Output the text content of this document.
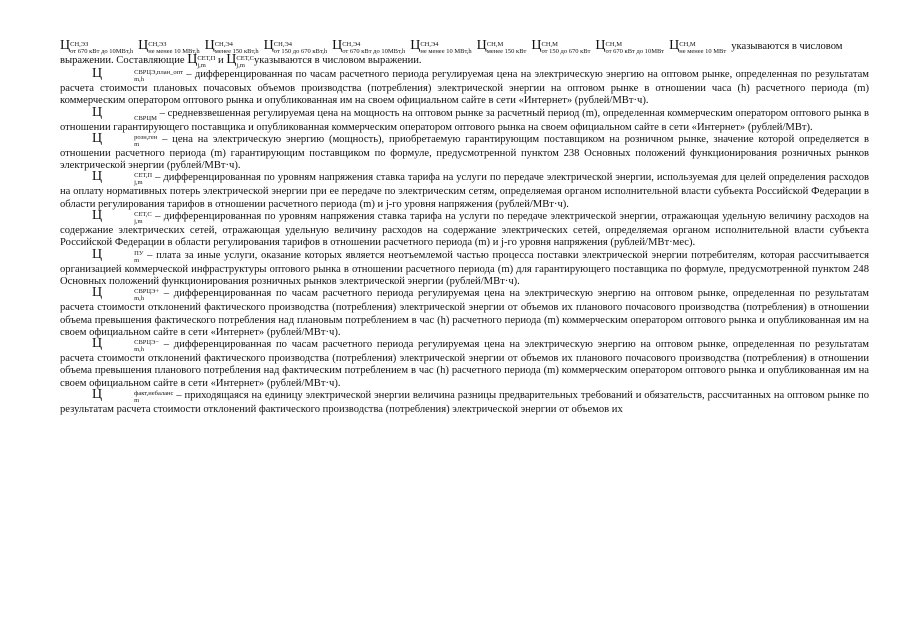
Ц СН,ЭЗ
от 670 кВт до 10МВт,h Ц СН,ЭЗ
не менее 10 МВт,h Ц СН,Э4
менее 150 кВт,h Ц СН,Э4
от 150 до 670 кВт,h Ц СН,Э4
от 670 кВт до 10МВт,h Ц СН,Э4
не менее 10 МВт,h Ц СН,М
менее 150 кВт Ц СН,М
от 150 до 670 кВт Ц СН,М
от 670 кВт до 10МВт Ц СН,М
не менее 10 МВт указываются в числовом выражении. Составляющие Ц СЕТ,П
j,m	и Ц СЕТ,С
j,m указываются в числовом выражении.

Ц	СВРЦЭ,план_опт
m,h	– дифференцированная по часам расчетного периода регулируемая цена на электрическую энергию на оптовом рынке, определенная по результатам расчета стоимости плановых почасовых объемов производства (потребления) электрической энергии на оптовом рынке в отношении часа (h) расчетного периода (m) коммерческим оператором оптового рынка и опубликованная им на своем официальном сайте в сети «Интернет» (рублей/МВт·ч).

Ц	СВРЦМ – средневзвешенная регулируемая цена на мощность на оптовом рынке за расчетный период (m), определенная коммерческим оператором оптового рынка в отношении гарантирующего поставщика и опубликованная коммерческим оператором оптового рынка на своем официальном сайте в сети «Интернет» (рублей/МВт).

Ц	розн,ген
m	– цена на электрическую энергию (мощность), приобретаемую гарантирующим поставщиком на розничном рынке, значение которой определяется в отношении расчетного периода (m) гарантирующим поставщиком по формуле, предусмотренной пунктом 238 Основных положений функционирования розничных рынков электрической энергии (рублей/МВт·ч).

Ц	СЕТ,П
j,m	– дифференцированная по уровням напряжения ставка тарифа на услуги по передаче электрической энергии, используемая для целей определения расходов на оплату нормативных потерь электрической энергии при ее передаче по электрическим сетям, определяемая органом исполнительной власти субъекта Российской Федерации в области регулирования тарифов в отношении расчетного периода (m) и j-го уровня напряжения (рублей/МВт·ч).

Ц	СЕТ,С
j,m	– дифференцированная по уровням напряжения ставка тарифа на услуги по передаче электрической энергии, отражающая удельную величину расходов на содержание электрических сетей, отражающая удельную величину расходов на содержание электрических сетей, определяемая органом исполнительной власти субъекта Российской Федерации в области регулирования тарифов в отношении расчетного периода (m) и j-го уровня напряжения (рублей/МВт·мес).

Ц	ПУ
m – плата за иные услуги, оказание которых является неотъемлемой частью процесса поставки электрической энергии потребителям, которая рассчитывается организацией коммерческой инфраструктуры оптового рынка в отношении расчетного периода (m) для гарантирующего поставщика по формуле, предусмотренной пунктом 248 Основных положений функционирования розничных рынков электрической энергии (рублей/МВт·ч).

Ц	СВРЦЭ+
m,h	– дифференцированная по часам расчетного периода регулируемая цена на электрическую энергию на оптовом рынке, определенная по результатам расчета стоимости отклонений фактического производства (потребления) электрической энергии от объемов их планового почасового производства (потребления) в отношении объема превышения фактического потребления над плановым потреблением в час (h) расчетного периода (m) коммерческим оператором оптового рынка и опубликованная им на своем официальном сайте в сети «Интернет» (рублей/МВт·ч).

Ц	СВРЦЭ−
m,h	– дифференцированная по часам расчетного периода регулируемая цена на электрическую энергию на оптовом рынке, определенная по результатам расчета стоимости отклонений фактического производства (потребления) электрической энергии от объемов их планового почасового производства (потребления) в отношении объема превышения планового потребления над фактическим потреблением в час (h) расчетного периода (m) коммерческим оператором оптового рынка и опубликованная им на своем официальном сайте в сети «Интернет» (рублей/МВт·ч).

Ц	факт,небаланс
m	– приходящаяся на единицу электрической энергии величина разницы предварительных требований и обязательств, рассчитанных на оптовом рынке по результатам расчета стоимости отклонений фактического производства (потребления) электрической энергии от объемов их
